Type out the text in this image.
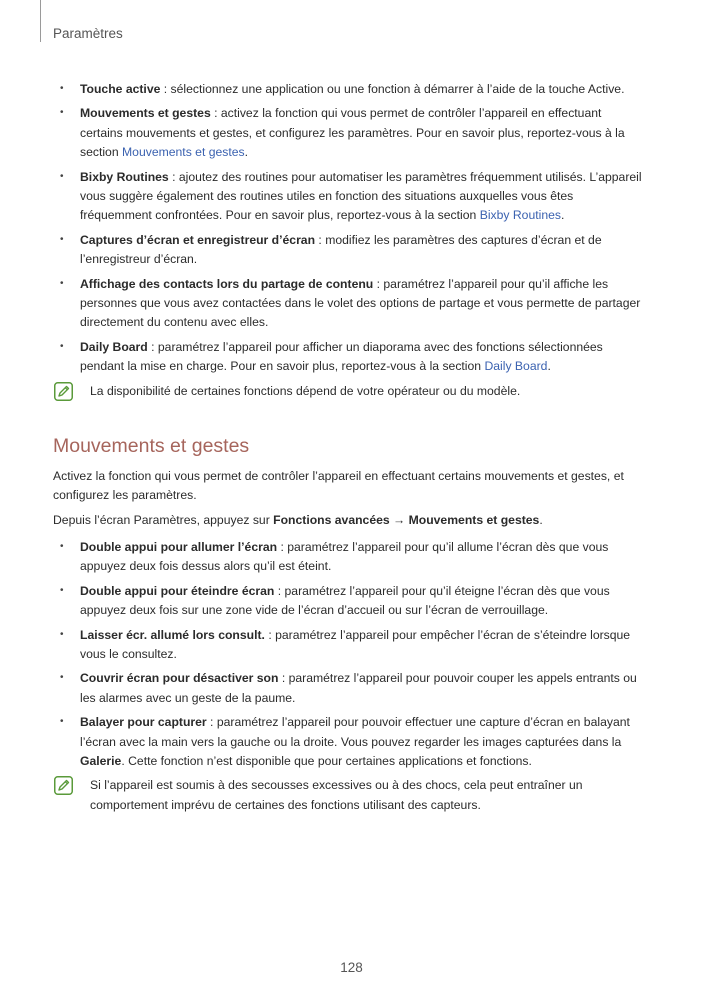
Paramètres
• Touche active : sélectionnez une application ou une fonction à démarrer à l’aide de la touche Active.
• Mouvements et gestes : activez la fonction qui vous permet de contrôler l’appareil en effectuant certains mouvements et gestes, et configurez les paramètres. Pour en savoir plus, reportez-vous à la section Mouvements et gestes.
• Bixby Routines : ajoutez des routines pour automatiser les paramètres fréquemment utilisés. L’appareil vous suggère également des routines utiles en fonction des situations auxquelles vous êtes fréquemment confrontées. Pour en savoir plus, reportez-vous à la section Bixby Routines.
• Captures d’écran et enregistreur d’écran : modifiez les paramètres des captures d’écran et de l’enregistreur d’écran.
• Affichage des contacts lors du partage de contenu : paramétrez l’appareil pour qu’il affiche les personnes que vous avez contactées dans le volet des options de partage et vous permette de partager directement du contenu avec elles.
• Daily Board : paramétrez l’appareil pour afficher un diaporama avec des fonctions sélectionnées pendant la mise en charge. Pour en savoir plus, reportez-vous à la section Daily Board.
La disponibilité de certaines fonctions dépend de votre opérateur ou du modèle.
Mouvements et gestes

Activez la fonction qui vous permet de contrôler l’appareil en effectuant certains mouvements et gestes, et configurez les paramètres.

Depuis l’écran Paramètres, appuyez sur Fonctions avancées → Mouvements et gestes.

• Double appui pour allumer l’écran : paramétrez l’appareil pour qu’il allume l’écran dès que vous appuyez deux fois dessus alors qu’il est éteint.
• Double appui pour éteindre écran : paramétrez l’appareil pour qu’il éteigne l’écran dès que vous appuyez deux fois sur une zone vide de l’écran d’accueil ou sur l’écran de verrouillage.
• Laisser écr. allumé lors consult. : paramétrez l’appareil pour empêcher l’écran de s’éteindre lorsque vous le consultez.
• Couvrir écran pour désactiver son : paramétrez l’appareil pour pouvoir couper les appels entrants ou les alarmes avec un geste de la paume.
• Balayer pour capturer : paramétrez l’appareil pour pouvoir effectuer une capture d’écran en balayant l’écran avec la main vers la gauche ou la droite. Vous pouvez regarder les images capturées dans la Galerie. Cette fonction n’est disponible que pour certaines applications et fonctions.
Si l’appareil est soumis à des secousses excessives ou à des chocs, cela peut entraîner un comportement imprévu de certaines des fonctions utilisant des capteurs.
128
